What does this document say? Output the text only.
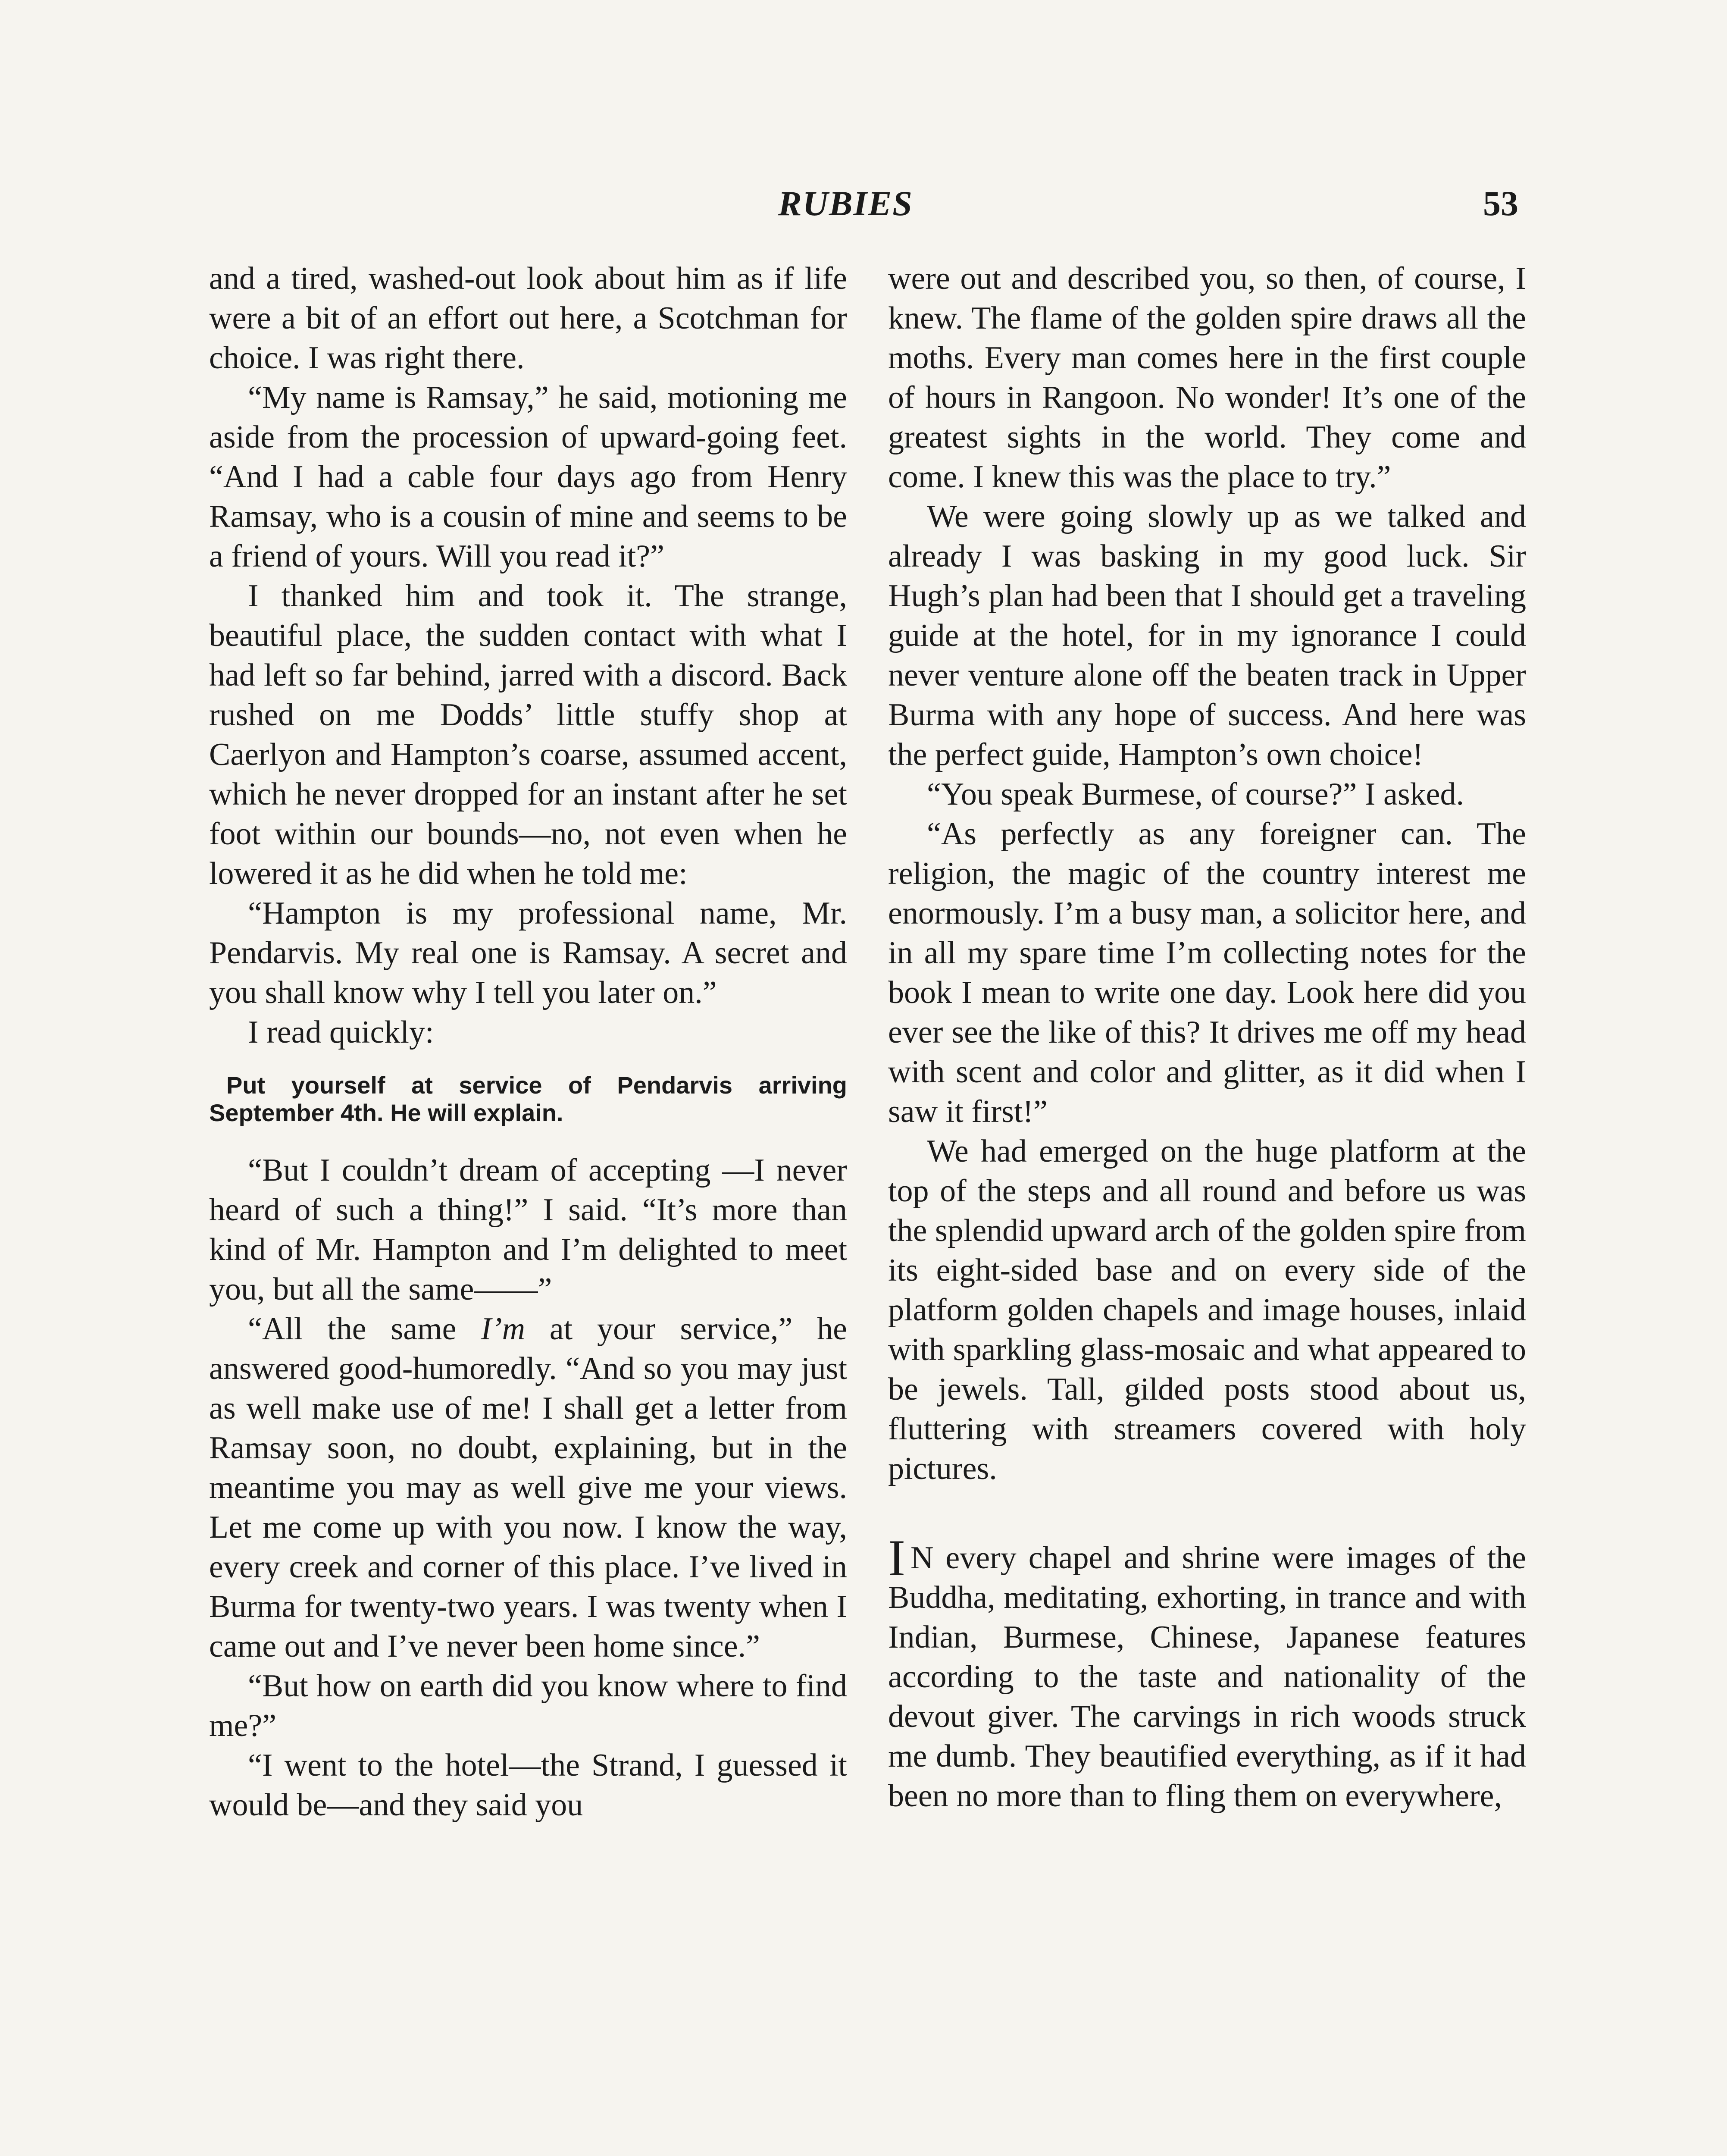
RUBIES	53

and a tired, washed-out look about him as if life were a bit of an effort out here, a Scotchman for choice. I was right there.

“My name is Ramsay,” he said, motioning me aside from the procession of upward-going feet. “And I had a cable four days ago from Henry Ramsay, who is a cousin of mine and seems to be a friend of yours. Will you read it?”

I thanked him and took it. The strange, beautiful place, the sudden contact with what I had left so far behind, jarred with a discord. Back rushed on me Dodds’ little stuffy shop at Caerlyon and Hampton’s coarse, assumed accent, which he never dropped for an instant after he set foot within our bounds—no, not even when he lowered it as he did when he told me:

“Hampton is my professional name, Mr. Pendarvis. My real one is Ramsay. A secret and you shall know why I tell you later on.”

I read quickly:

Put yourself at service of Pendarvis arriving September 4th. He will explain.

“But I couldn’t dream of accepting —I never heard of such a thing!” I said. “It’s more than kind of Mr. Hampton and I’m delighted to meet you, but all the same——”

“All the same I’m at your service,” he answered good-humoredly. “And so you may just as well make use of me! I shall get a letter from Ramsay soon, no doubt, explaining, but in the meantime you may as well give me your views. Let me come up with you now. I know the way, every creek and corner of this place. I’ve lived in Burma for twenty-two years. I was twenty when I came out and I’ve never been home since.”

“But how on earth did you know where to find me?”

“I went to the hotel—the Strand, I guessed it would be—and they said you

were out and described you, so then, of course, I knew. The flame of the golden spire draws all the moths. Every man comes here in the first couple of hours in Rangoon. No wonder! It’s one of the greatest sights in the world. They come and come. I knew this was the place to try.”

We were going slowly up as we talked and already I was basking in my good luck. Sir Hugh’s plan had been that I should get a traveling guide at the hotel, for in my ignorance I could never venture alone off the beaten track in Upper Burma with any hope of success. And here was the perfect guide, Hampton’s own choice!

“You speak Burmese, of course?” I asked.

“As perfectly as any foreigner can. The religion, the magic of the country interest me enormously. I’m a busy man, a solicitor here, and in all my spare time I’m collecting notes for the book I mean to write one day. Look here did you ever see the like of this? It drives me off my head with scent and color and glitter, as it did when I saw it first!”

We had emerged on the huge platform at the top of the steps and all round and before us was the splendid upward arch of the golden spire from its eight-sided base and on every side of the platform golden chapels and image houses, inlaid with sparkling glass-mosaic and what appeared to be jewels. Tall, gilded posts stood about us, fluttering with streamers covered with holy pictures.

I N every chapel and shrine were images of the Buddha, meditating, exhorting, in trance and with Indian, Burmese, Chinese, Japanese features according to the taste and nationality of the devout giver. The carvings in rich woods struck me dumb. They beautified everything, as if it had been no more than to fling them on everywhere,
